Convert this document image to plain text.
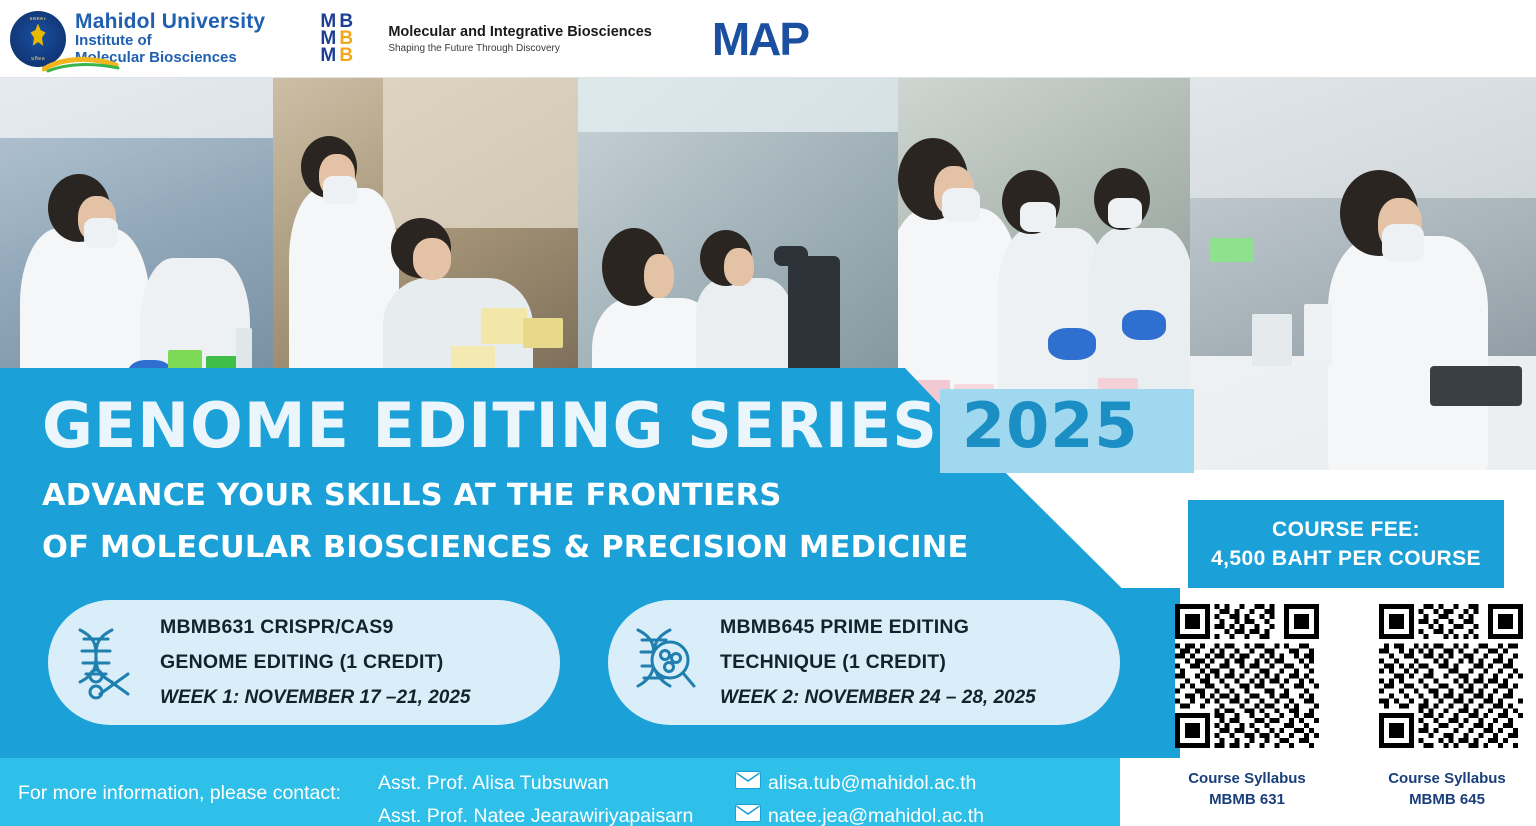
อตตคะ
มหิดล
Mahidol University
Institute of
Molecular Biosciences
M B
M B
M B
Molecular and Integrative Biosciences
Shaping the Future Through Discovery	MAP
GENOME EDITING SERIES 2025
ADVANCE YOUR SKILLS AT THE FRONTIERS
OF MOLECULAR BIOSCIENCES & PRECISION MEDICINE
MBMB631 CRISPR/CAS9
GENOME EDITING (1 CREDIT)
WEEK 1: NOVEMBER 17 –21, 2025
MBMB645 PRIME EDITING
TECHNIQUE (1 CREDIT)
WEEK 2: NOVEMBER 24 – 28, 2025
COURSE FEE:
4,500 BAHT PER COURSE
For more information, please contact: Asst. Prof. Alisa Tubsuwan
Asst. Prof. Natee Jearawiriyapaisarn
alisa.tub@mahidol.ac.th
natee.jea@mahidol.ac.th
Course Syllabus
MBMB 631
Course Syllabus
MBMB 645
